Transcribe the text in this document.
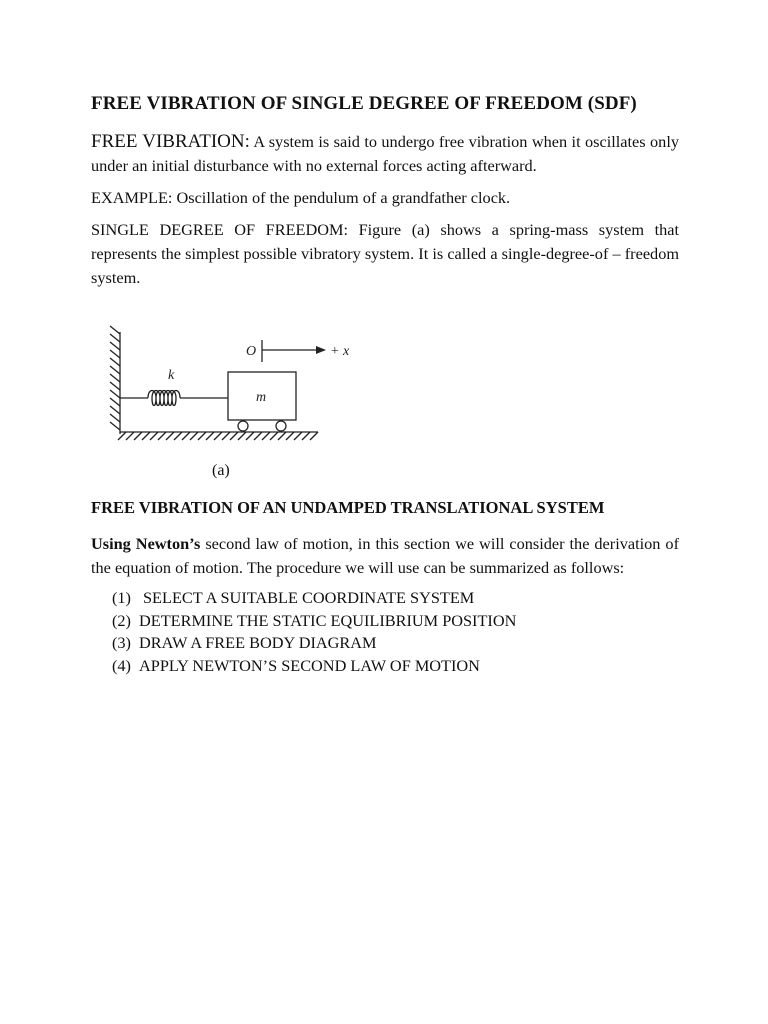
FREE VIBRATION OF SINGLE DEGREE OF FREEDOM (SDF)
FREE VIBRATION: A system is said to undergo free vibration when it oscillates only under an initial disturbance with no external forces acting afterward.
EXAMPLE: Oscillation of the pendulum of a grandfather clock.
SINGLE DEGREE OF FREEDOM: Figure (a) shows a spring-mass system that represents the simplest possible vibratory system. It is called a single-degree-of – freedom system.
FREE VIBRATION OF AN UNDAMPED TRANSLATIONAL SYSTEM
Using Newton’s second law of motion, in this section we will consider the derivation of the equation of motion. The procedure we will use can be summarized as follows:
(1) SELECT A SUITABLE COORDINATE SYSTEM
(2) DETERMINE THE STATIC EQUILIBRIUM POSITION
(3) DRAW A FREE BODY DIAGRAM
(4) APPLY NEWTON’S SECOND LAW OF MOTION
k
m
O	+ x
(a)
